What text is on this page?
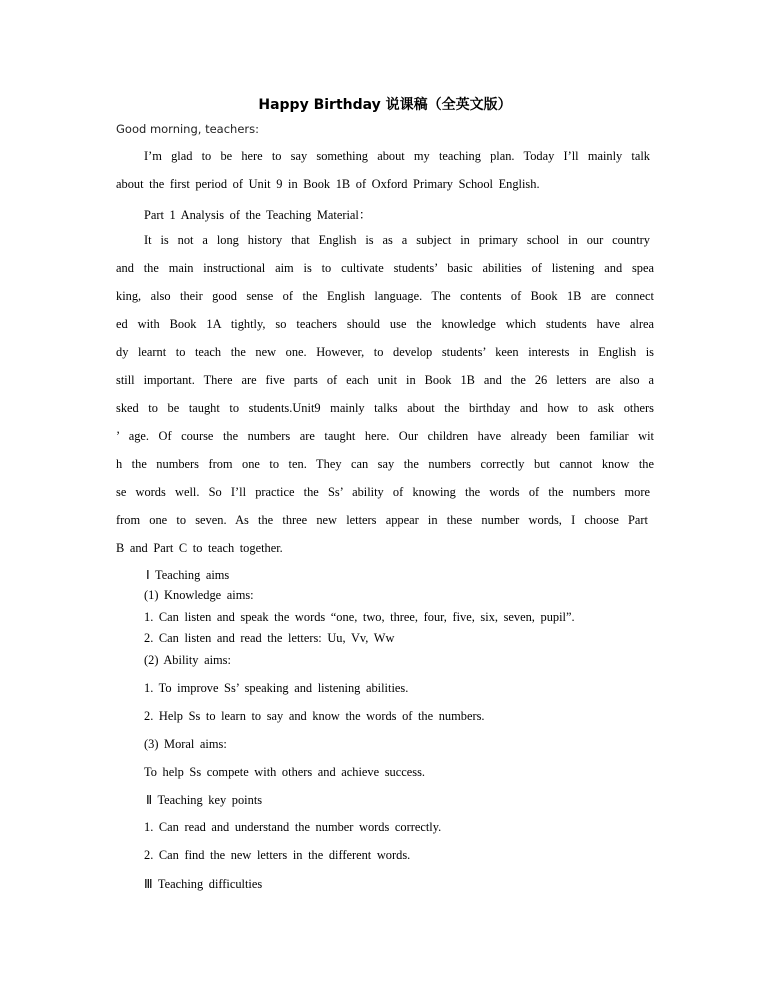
Happy Birthday 说课稿（全英文版）
Good morning, teachers:
I’m glad to be here to say something about my teaching plan. Today I’ll mainly talk
about the first period of Unit 9 in Book 1B of Oxford Primary School English.
Part 1 Analysis of the Teaching Material：
It is not a long history that English is as a subject in primary school in our country
and the main instructional aim is to cultivate students’ basic abilities of listening and spea
king, also their good sense of the English language. The contents of Book 1B are connect
ed with Book 1A tightly, so teachers should use the knowledge which students have alrea
dy learnt to teach the new one. However, to develop students’ keen interests in English is
still important. There are five parts of each unit in Book 1B and the 26 letters are also a
sked to be taught to students.Unit9 mainly talks about the birthday and how to ask others
’ age. Of course the numbers are taught here. Our children have already been familiar wit
h the numbers from one to ten. They can say the numbers correctly but cannot know the
se words well. So I’ll practice the Ss’ ability of knowing the words of the numbers more
from one to seven. As the three new letters appear in these number words, I choose Part
B and Part C to teach together.
Ⅰ Teaching aims
(1) Knowledge aims:
1. Can listen and speak the words “one, two, three, four, five, six, seven, pupil”.
2. Can listen and read the letters: Uu, Vv, Ww
(2) Ability aims:
1. To improve Ss’ speaking and listening abilities.
2. Help Ss to learn to say and know the words of the numbers.
(3) Moral aims:
To help Ss compete with others and achieve success.
Ⅱ Teaching key points
1. Can read and understand the number words correctly.
2. Can find the new letters in the different words.
Ⅲ Teaching difficulties
